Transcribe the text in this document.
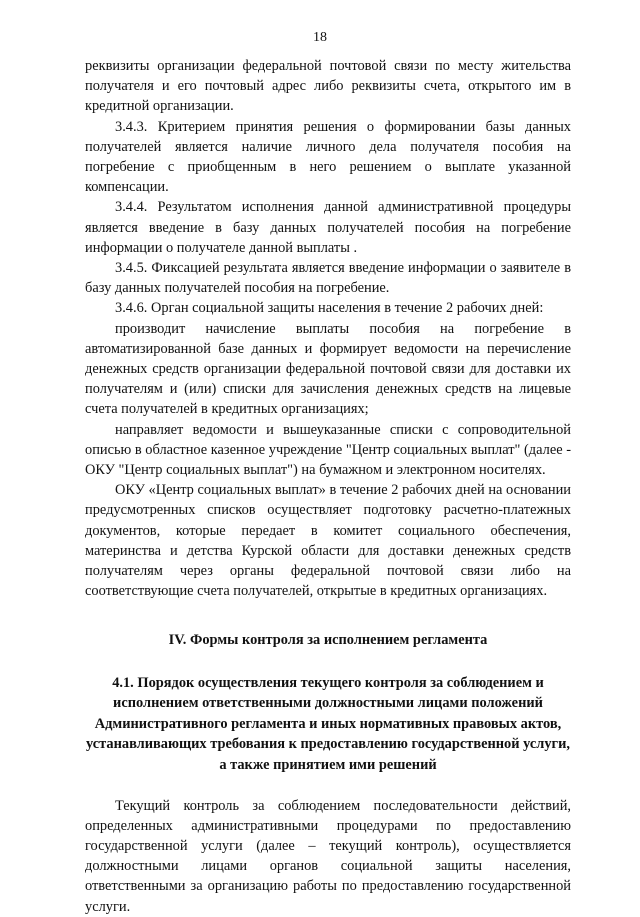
18

реквизиты организации федеральной почтовой связи по месту жительства получателя и его почтовый адрес либо реквизиты счета, открытого им в кредитной организации.

3.4.3. Критерием принятия решения о формировании базы данных получателей является наличие личного дела получателя пособия на погребение с приобщенным в него решением о выплате указанной компенсации.

3.4.4. Результатом исполнения данной административной процедуры является введение в базу данных получателей пособия на погребение информации о получателе данной выплаты .

3.4.5. Фиксацией результата является введение информации о заявителе в базу данных получателей пособия на погребение.

3.4.6. Орган социальной защиты населения в течение 2 рабочих дней:

производит начисление выплаты пособия на погребение в автоматизированной базе данных и формирует ведомости на перечисление денежных средств организации федеральной почтовой связи для доставки их получателям и (или) списки для зачисления денежных средств на лицевые счета получателей в кредитных организациях;

направляет ведомости и вышеуказанные списки с сопроводительной описью в областное казенное учреждение "Центр социальных выплат" (далее - ОКУ "Центр социальных выплат") на бумажном и электронном носителях.

ОКУ «Центр социальных выплат» в течение 2 рабочих дней на основании предусмотренных списков осуществляет подготовку расчетно-платежных документов, которые передает в комитет социального обеспечения, материнства и детства Курской области для доставки денежных средств получателям через органы федеральной почтовой связи либо на соответствующие счета получателей, открытые в кредитных организациях.

IV. Формы контроля за исполнением регламента

4.1. Порядок осуществления текущего контроля за соблюдением и исполнением ответственными должностными лицами положений Административного регламента и иных нормативных правовых актов, устанавливающих требования к предоставлению государственной услуги, а также принятием ими решений

Текущий контроль за соблюдением последовательности действий, определенных административными процедурами по предоставлению государственной услуги (далее – текущий контроль), осуществляется должностными лицами органов социальной защиты населения, ответственными за организацию работы по предоставлению государственной услуги.
